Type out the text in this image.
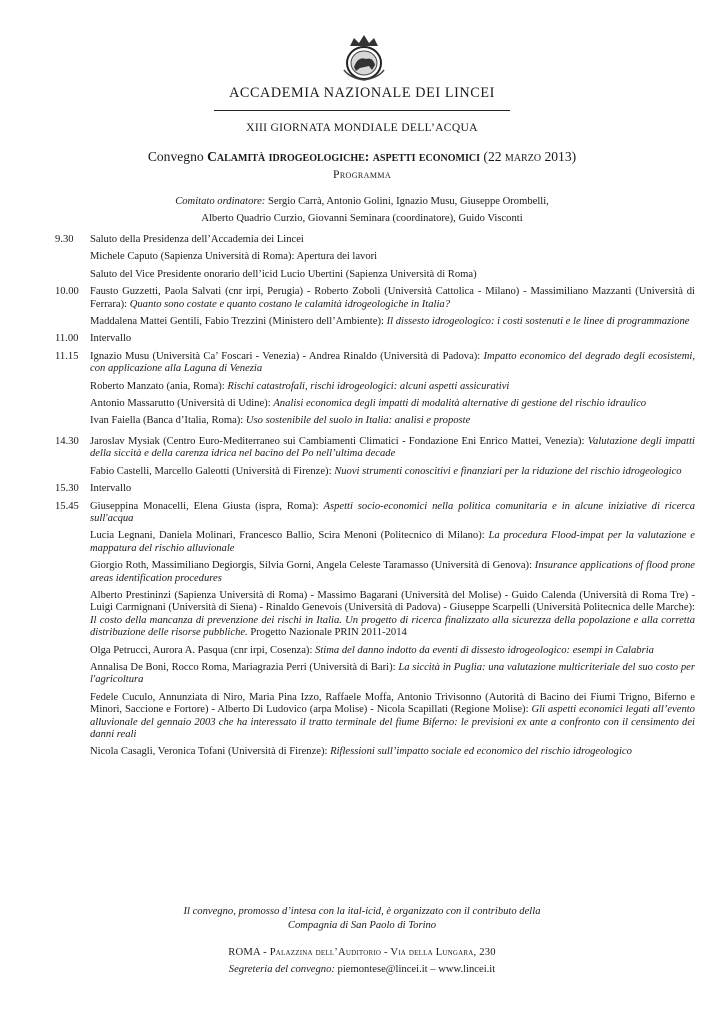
ACCADEMIA NAZIONALE DEI LINCEI
XIII GIORNATA MONDIALE DELL’ACQUA
Convegno Calamità idrogeologiche: aspetti economici (22 marzo 2013)
Programma
Comitato ordinatore: Sergio Carrà, Antonio Golini, Ignazio Musu, Giuseppe Orombelli,
Alberto Quadrio Curzio, Giovanni Seminara (coordinatore), Guido Visconti
9.30 Saluto della Presidenza dell’Accademia dei Lincei
Michele Caputo (Sapienza Università di Roma): Apertura dei lavori
Saluto del Vice Presidente onorario dell’icid Lucio Ubertini (Sapienza Università di Roma)
10.00 Fausto Guzzetti, Paola Salvati (cnr irpi, Perugia) - Roberto Zoboli (Università Cattolica - Milano) - Massimiliano Mazzanti (Università di Ferrara): Quanto sono costate e quanto costano le calamità idrogeologiche in Italia?
Maddalena Mattei Gentili, Fabio Trezzini (Ministero dell’Ambiente): Il dissesto idrogeologico: i costi sostenuti e le linee di programmazione
11.00 Intervallo
11.15 Ignazio Musu (Università Ca’ Foscari - Venezia) - Andrea Rinaldo (Università di Padova): Impatto economico del degrado degli ecosistemi, con applicazione alla Laguna di Venezia
Roberto Manzato (ania, Roma): Rischi catastrofali, rischi idrogeologici: alcuni aspetti assicurativi
Antonio Massarutto (Università di Udine): Analisi economica degli impatti di modalità alternative di gestione del rischio idraulico
Ivan Faiella (Banca d’Italia, Roma): Uso sostenibile del suolo in Italia: analisi e proposte
14.30 Jaroslav Mysiak (Centro Euro-Mediterraneo sui Cambiamenti Climatici - Fondazione Eni Enrico Mattei, Venezia): Valutazione degli impatti della siccità e della carenza idrica nel bacino del Po nell’ultima decade
Fabio Castelli, Marcello Galeotti (Università di Firenze): Nuovi strumenti conoscitivi e finanziari per la riduzione del rischio idrogeologico
15.30 Intervallo
15.45 Giuseppina Monacelli, Elena Giusta (ispra, Roma): Aspetti socio-economici nella politica comunitaria e in alcune iniziative di ricerca sull'acqua
Lucia Legnani, Daniela Molinari, Francesco Ballio, Scira Menoni (Politecnico di Milano): La procedura Flood-impat per la valutazione e mappatura del rischio alluvionale
Giorgio Roth, Massimiliano Degiorgis, Silvia Gorni, Angela Celeste Taramasso (Università di Genova): Insurance applications of flood prone areas identification procedures
Alberto Prestininzi (Sapienza Università di Roma) - Massimo Bagarani (Università del Molise) - Guido Calenda (Università di Roma Tre) - Luigi Carmignani (Università di Siena) - Rinaldo Genevois (Università di Padova) - Giuseppe Scarpelli (Università Politecnica delle Marche): Il costo della mancanza di prevenzione dei rischi in Italia. Un progetto di ricerca finalizzato alla sicurezza della popolazione e alla corretta distribuzione delle risorse pubbliche. Progetto Nazionale PRIN 2011-2014
Olga Petrucci, Aurora A. Pasqua (cnr irpi, Cosenza): Stima del danno indotto da eventi di dissesto idrogeologico: esempi in Calabria
Annalisa De Boni, Rocco Roma, Mariagrazia Perri (Università di Bari): La siccità in Puglia: una valutazione multicriteriale del suo costo per l'agricoltura
Fedele Cuculo, Annunziata di Niro, Maria Pina Izzo, Raffaele Moffa, Antonio Trivisonno (Autorità di Bacino dei Fiumi Trigno, Biferno e Minori, Saccione e Fortore) - Alberto Di Ludovico (arpa Molise) - Nicola Scapillati (Regione Molise): Gli aspetti economici legati all’evento alluvionale del gennaio 2003 che ha interessato il tratto terminale del fiume Biferno: le previsioni ex ante a confronto con il censimento dei danni reali
Nicola Casagli, Veronica Tofani (Università di Firenze): Riflessioni sull’impatto sociale ed economico del rischio idrogeologico
Il convegno, promosso d’intesa con la ital-icid, è organizzato con il contributo della
Compagnia di San Paolo di Torino
ROMA - Palazzina dell’Auditorio - Via della Lungara, 230
Segreteria del convegno: piemontese@lincei.it – www.lincei.it
